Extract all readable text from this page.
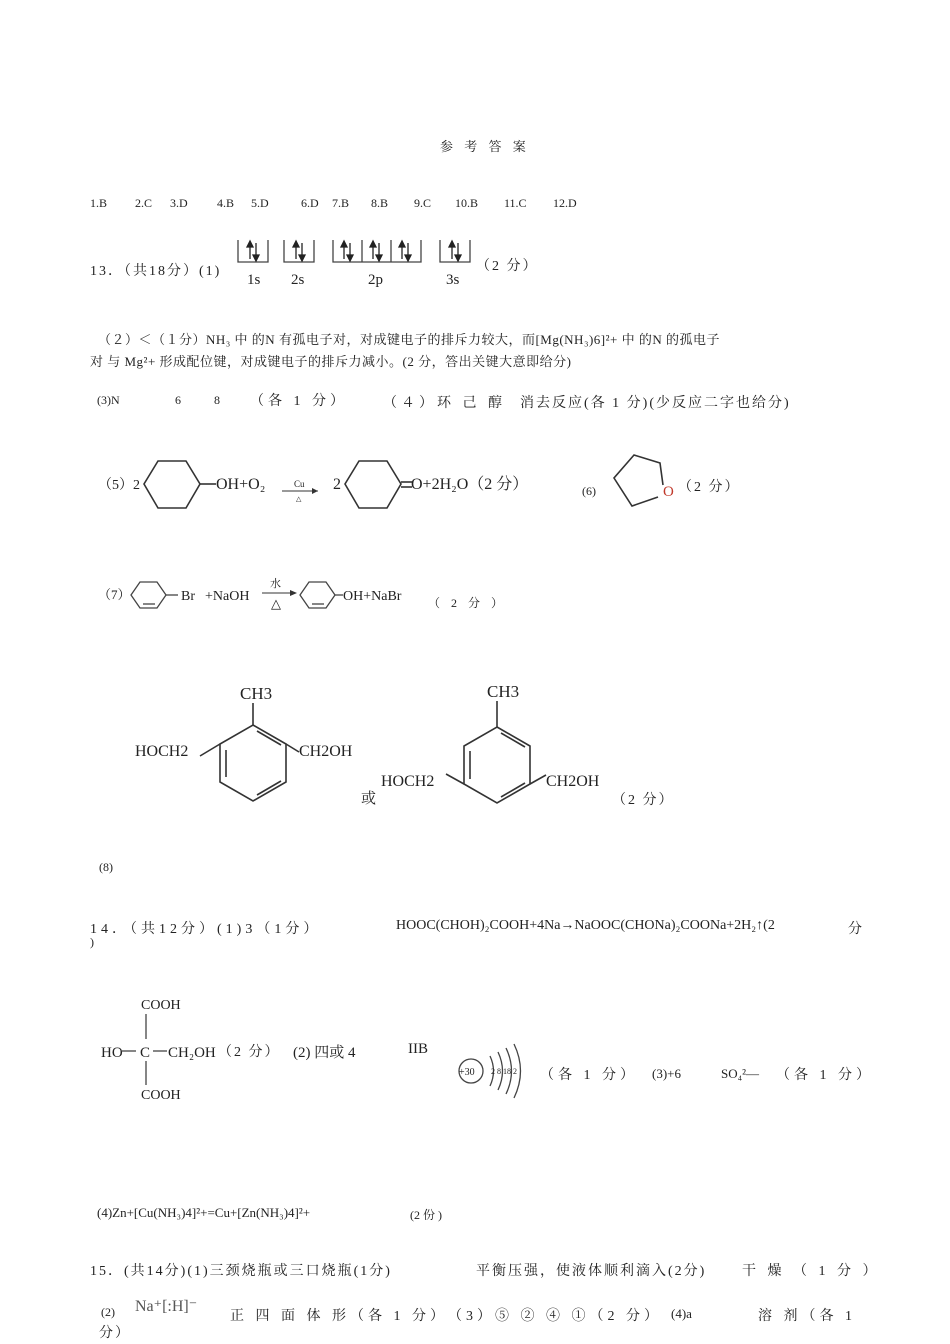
参 考 答 案
1.B 2.C 3.D 4.B 5.D	6.D 7.B 8.B 9.C 10.B 11.C 12.D
13．（共18分）(1)
1s 2s	2p	3s
（2 分）
（２）＜（１分）NH₃ 中 的N 有孤电子对，对成键电子的排斥力较大，而[Mg(NH₃)6]²+ 中 的N 的孤电子
对 与 Mg²+ 形成配位键，对成键电子的排斥力减小。(2 分，答出关键大意即给分)
(3)N	6	8 （各 1 分）	（４）环 己 醇 消去反应(各 1 分)(少反应二字也给分)
（5）2	OH+O₂	Cu
△
2	O+2H₂O（2 分）	(6)	O （2 分）
（7）	Br +NaOH
水
△	OH+NaBr （ 2 分 ）
CH3
HOCH2	CH2OH
或
CH3
HOCH2	CH2OH
（2 分）
(8)
14．（共12分）(1)3（1分）	HOOC(CHOH)₂COOH+4Na→NaOOC(CHONa)₂COONa+2H₂↑(2	分
)
COOH
HO C CH₂OH
COOH
+30 2 8 18 2
（2 分） (2) 四或 4	IIB
（各 1 分） (3)+6	SO₄²— （各 1 分）
(4)Zn+[Cu(NH₃)4]²+=Cu+[Zn(NH₃)4]²+	(2 份 )
15．(共14分)(1)三颈烧瓶或三口烧瓶(1分)	平衡压强，使液体顺利滴入(2分)	干 燥 （ 1 分 ）
(2) Na⁺[:H]⁻
正 四 面 体 形（各 1 分） （3）⑤ ② ④ ①（2 分） (4)a	溶 剂（各 1
分）
